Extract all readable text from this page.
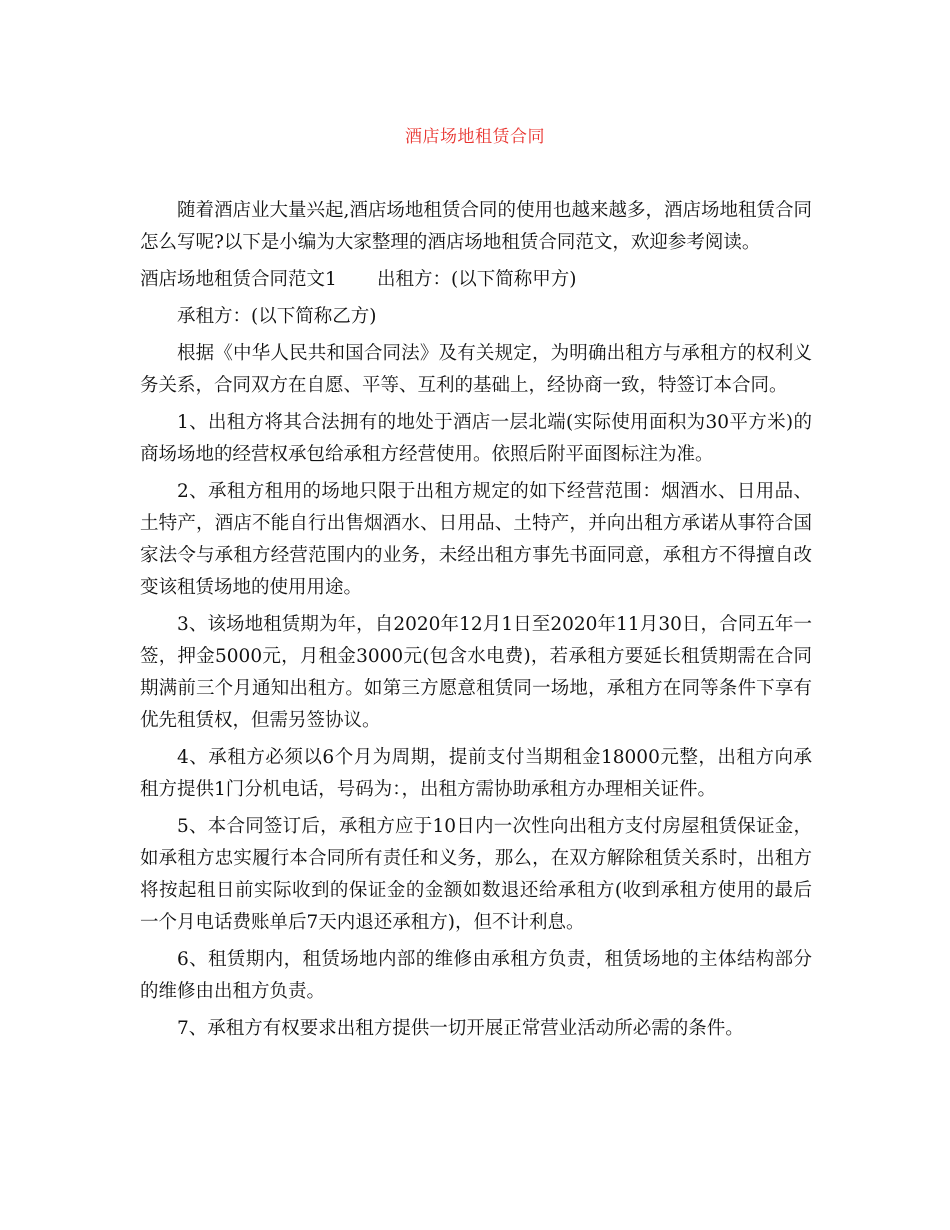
酒店场地租赁合同

随着酒店业大量兴起,酒店场地租赁合同的使用也越来越多，酒店场地租赁合同怎么写呢?以下是小编为大家整理的酒店场地租赁合同范文，欢迎参考阅读。

酒店场地租赁合同范文1 出租方：(以下简称甲方)

承租方：(以下简称乙方)

根据《中华人民共和国合同法》及有关规定，为明确出租方与承租方的权利义务关系，合同双方在自愿、平等、互利的基础上，经协商一致，特签订本合同。

1、出租方将其合法拥有的地处于酒店一层北端(实际使用面积为30平方米)的商场场地的经营权承包给承租方经营使用。依照后附平面图标注为准。

2、承租方租用的场地只限于出租方规定的如下经营范围：烟酒水、日用品、土特产，酒店不能自行出售烟酒水、日用品、土特产，并向出租方承诺从事符合国家法令与承租方经营范围内的业务，未经出租方事先书面同意，承租方不得擅自改变该租赁场地的使用用途。

3、该场地租赁期为年，自2020年12月1日至2020年11月30日，合同五年一签，押金5000元，月租金3000元(包含水电费)，若承租方要延长租赁期需在合同期满前三个月通知出租方。如第三方愿意租赁同一场地，承租方在同等条件下享有优先租赁权，但需另签协议。

4、承租方必须以6个月为周期，提前支付当期租金18000元整，出租方向承租方提供1门分机电话，号码为：，出租方需协助承租方办理相关证件。

5、本合同签订后，承租方应于10日内一次性向出租方支付房屋租赁保证金，如承租方忠实履行本合同所有责任和义务，那么，在双方解除租赁关系时，出租方将按起租日前实际收到的保证金的金额如数退还给承租方(收到承租方使用的最后一个月电话费账单后7天内退还承租方)，但不计利息。

6、租赁期内，租赁场地内部的维修由承租方负责，租赁场地的主体结构部分的维修由出租方负责。

7、承租方有权要求出租方提供一切开展正常营业活动所必需的条件。
